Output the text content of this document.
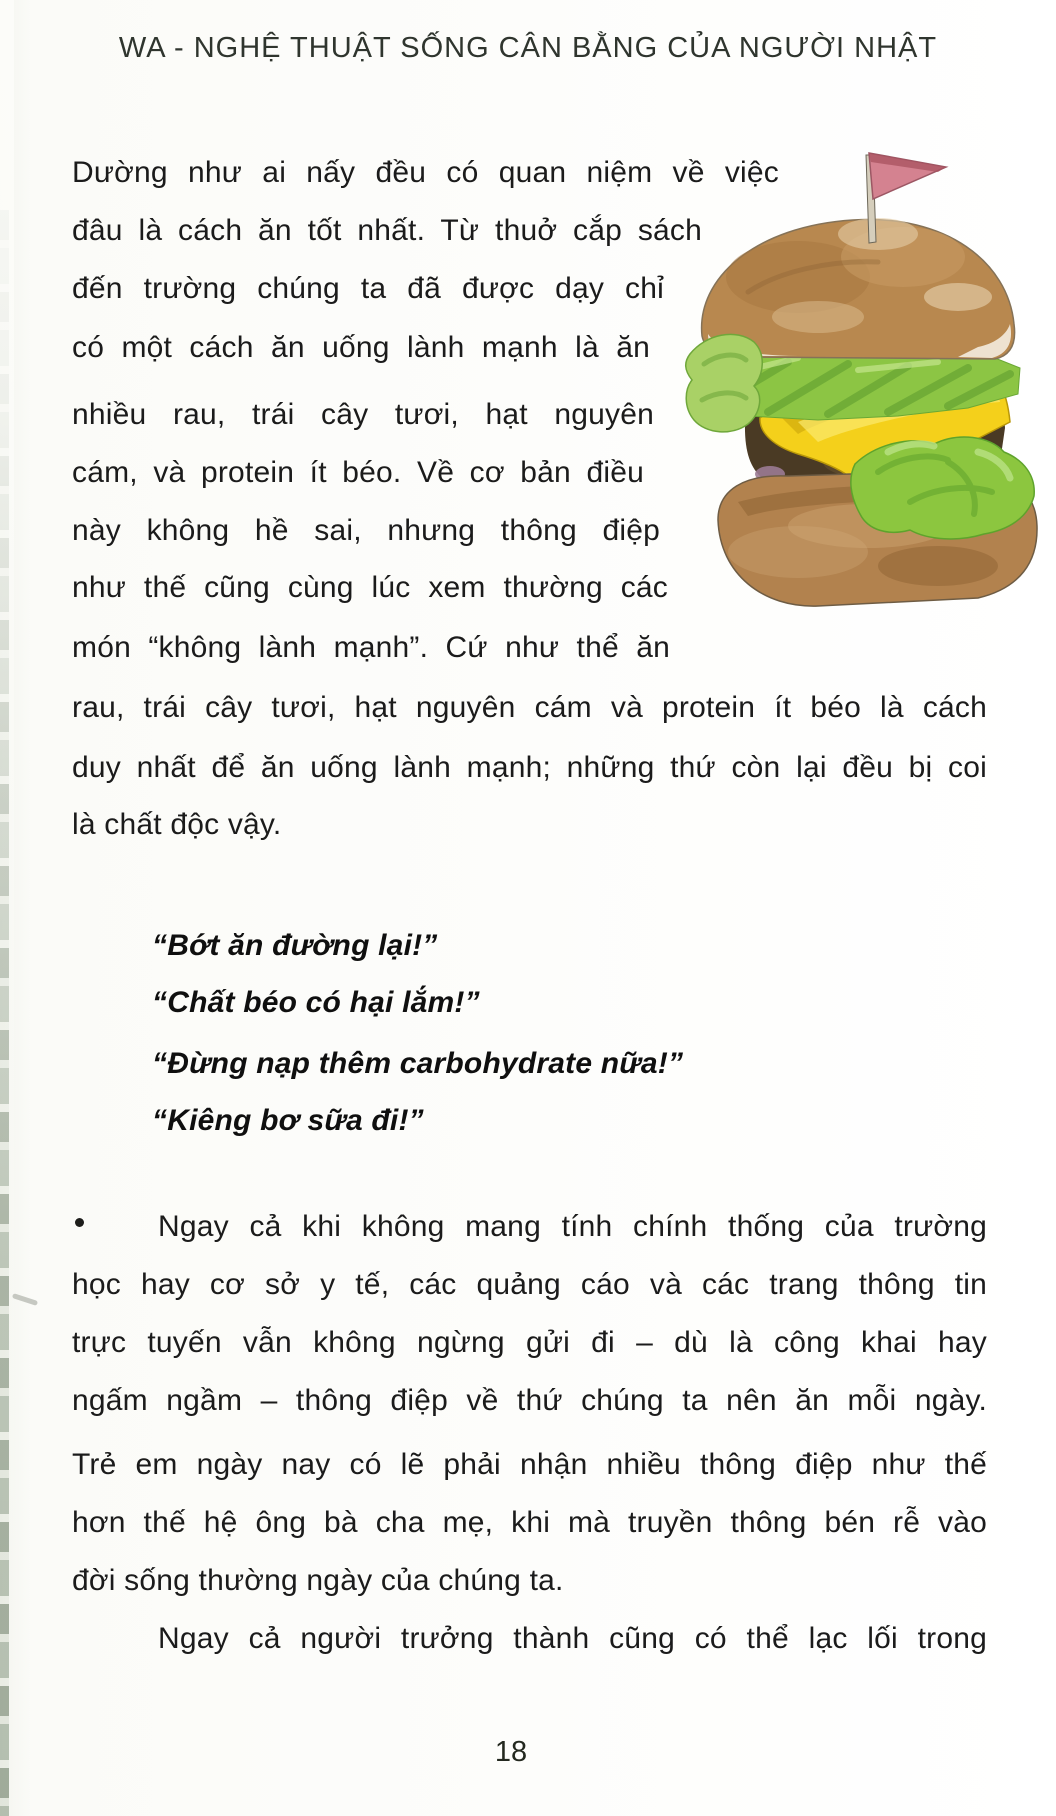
WA - NGHỆ THUẬT SỐNG CÂN BẰNG CỦA NGƯỜI NHẬT
Dường như ai nấy đều có quan niệm về việc
đâu là cách ăn tốt nhất. Từ thuở cắp sách
đến trường chúng ta đã được dạy chỉ
có một cách ăn uống lành mạnh là ăn
nhiều rau, trái cây tươi, hạt nguyên
cám, và protein ít béo. Về cơ bản điều
này không hề sai, nhưng thông điệp
như thế cũng cùng lúc xem thường các
món “không lành mạnh”. Cứ như thể ăn
rau, trái cây tươi, hạt nguyên cám và protein ít béo là cách
duy nhất để ăn uống lành mạnh; những thứ còn lại đều bị coi
là chất độc vậy.
“Bớt ăn đường lại!”
“Chất béo có hại lắm!”
“Đừng nạp thêm carbohydrate nữa!”
“Kiêng bơ sữa đi!”
Ngay cả khi không mang tính chính thống của trường
học hay cơ sở y tế, các quảng cáo và các trang thông tin
trực tuyến vẫn không ngừng gửi đi – dù là công khai hay
ngấm ngầm – thông điệp về thứ chúng ta nên ăn mỗi ngày.
Trẻ em ngày nay có lẽ phải nhận nhiều thông điệp như thế
hơn thế hệ ông bà cha mẹ, khi mà truyền thông bén rễ vào
đời sống thường ngày của chúng ta.
Ngay cả người trưởng thành cũng có thể lạc lối trong
18
